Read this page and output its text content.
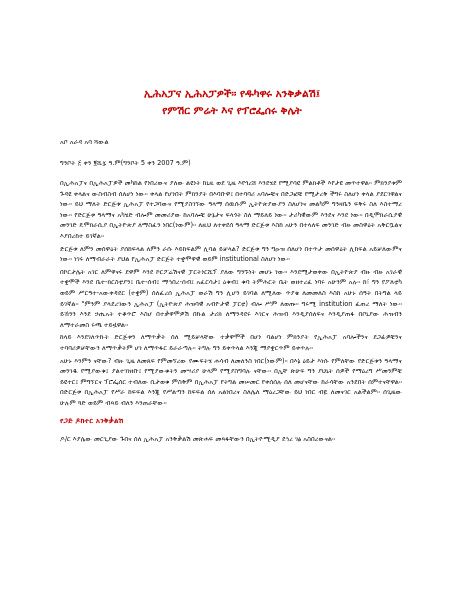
ኢሕአፓና ኢሕአፓዎች፡፡ የዱካዋሩ አንቅቃልሽ፤
የምሽር ምሬት እና የፕሮፌሰሩ ቅሌት
አቦ አራዳ አባ ሻውል
ግንቦት ፭ ቀን ፪ሺ፯ ዓ.ም(ግንቦት 5 ቀን 2007 ዓ.ም)

በኢሕአፓና በኢሕአፓዎች መካከል የነበረውና ያለው ልዩነት ከኒዚ ወደ ጊዜ እየጎረሸ እንደሄደ የሚያሳዩ ምልክቶች እየታዩ መጥተዋል፡፡ ምክንያቱም ጉዳዩ ቀላልና ውስብስብ ሰለሆነ ነው፡፡ ቀላል የሆነበት ምክንያት በእባቡዋ፤ በተባባሪ አባሎቹና በድጋፎቹ የሚታረቅ ችግሩ ስለሆነ ቀላል ያደርገዋልና ነው፡፡ ይህ ማለት ድርጅቱ ኢሕአፓ የተጋባውና የሚያስገኘው ዓላማ ሰዉሱም ኢትዮጵያውያን ስለሆነና መልካም ግንዛቤን ፍቅሩ ስለ እስተማረ ነው፡፡ የድርጅቱ ዓላማና አካሄድ ብሎም መመሪያው ከአባሎቹ ሁኔታና ፍላጎት ስለ ማይለይ ነው፡፡ ታሪካዊውም እንደና እንደ ነው፡፡ በዲሞክራሲያዊ መንገድ ዴሞክራሲያ በኢትዮጵያ ለማስፈን ነበር(ነውም)፡፡ ለዚህ ለተቀደሰ ዓላማ ድርጅቱ እስከ አሁን በተላለፍ መንገድ ብዙ መስዋዕት አቅርቧልና እያበረከተ ይገኛል፡፡

ድርጅቱ ለምን መሰዋዕት ያሰከፍላል ለምን ራሱ እይከፍልም ሊባል ይቻላል? ድርጅቱ ግን ግዑዝ ሰለሆነ በተጥታ መሰዋዕት ሊከፍል አይቻለውምና ነው፡፡ ነገሩ ለማብራራት ያህል የኢሕአፓ ድርጅት ተቋሞዋዊ ወይም institutional ስለሆነ ነው፡፡

በኮርታሌት አገር ለምዋናሩ ደዋም እንደ ኮርፖሬሽናዊ ፓርትነርሺፕ ያለው ግንኙነት መሆኑ ነው፡፡ እንደሚታወቀው በኢትዮጵያ ብዙ ብዙ አገራዊ ተቋሞች እንደ ቤተ-ክርስቲያን፤ ቤተ-ሰብ፤ ማኅበረ-ሰብ፤ አፈርሳታ፤ ዕቁብ፤ ቁባ ትምሕርት ቤት ወዘተረፈ ነባሩ አሁንም አሉ፡፡ ከ፣ ግን የፖለቲካ ወይም ሥርዓተ-አውቀዳደር (ተቋም) ሰለፈረሰ ኢሕአፓ ወራሽ ግን ሊሆን ይገባል ለሚለው ጥያቄ ለመመለስ እስከ አሁኑ ሰዓት በትግል ላይ ይገኛል፡፡ "ምንም ያላደረገውን ኢሕአፓ (ኢትዮጵያ ሕዝባዊ አብዮታዊ ፓርቲ) ብሎ ሥም ለወጡ፡፡ ግሩሚ institution ፈጠረ ማለት ነው፡፡ ይኸንን እንደ ኃጢአት ተቆጥሮ እስሆ በተቃዋሞዎሽ በኩል ታሪክ ለማንዳደሩ እገርና ሕዝብ እንዲያሰለፍና እንዲያጠፋ በቦኒያው ሕዝብን ለማተራመስ ሩጫ ተይዟዋል፡፡

ከላይ እንደገለጥኩት ድርጅቱን ለማጥቃት ሰለ ሚይቻላቸው ተቃዋሞች በሆነ ባልሆነ ምክንያት የኢሕአፓ አባሎችንና ደጋፊዎቹንና ተባባሪዎቻቸውን ለማጥቃትም ሆነ ለማጥፋር ይራራጣሉ፡፡ ትግሉ ግን ይቀጥላል እንጂ ማያቋርጥም ይቀጥሉ፡፡

አሁኑ እንምን ናቸው? ብዙ ጊዜ ለመጸፍ የምመኘረው የሙፍትሄ ሐሳብ ለመለንስ ነበር(ነውም)፡፡ በእኔ ዕይታ እነሱ የምለቸው የድርጅቱን ዓላማና መንገዱ የሚያውቁ፤ ያልተገነዘቡ፤ የሚያውቁትን መሣሪያ ሁላም የሚያስግባሉ ናቸው፡፡ በኢቸ ጽሁፍ ግን ያህኒት ሰዎች የማዕረግ ሥመንምቹ ይዩተር፤ ምግኘርና ፕሮፌሰር ተብለው ቢታወቁ ምስቅም በኢሕአፓ የትግል መሠመር የቀሰሰሉ ሰለ መሆናቸው ከራሳቸው አንደበት ሰምተናቸዋል፡፡ በድርጅቱ በኢሕአፓ የሥራ ከፍፍል እንጂ የሥልጣን ከፍፍል ሰለ አልነበረና ስለሌለ ማዕረጋቸው ይህ ነበር ብዬ ለመናገር አልችልም፡፡ ሰጊዜው ሁሉም ጓድ ወይም ብጻይ ብለን እንጠራቸው፡፡

የጋድ ዶክተር አንቅቃልሽ

ዶ/ር እያሌው መርጊያው ጉበና ሰለ ኢሕአፓ አንቅቃልሽ መጽሐፍ መጻፋቸውን በኢትዮሚዲያ ደኅረ ገፅ አስበረውናል፡፡
